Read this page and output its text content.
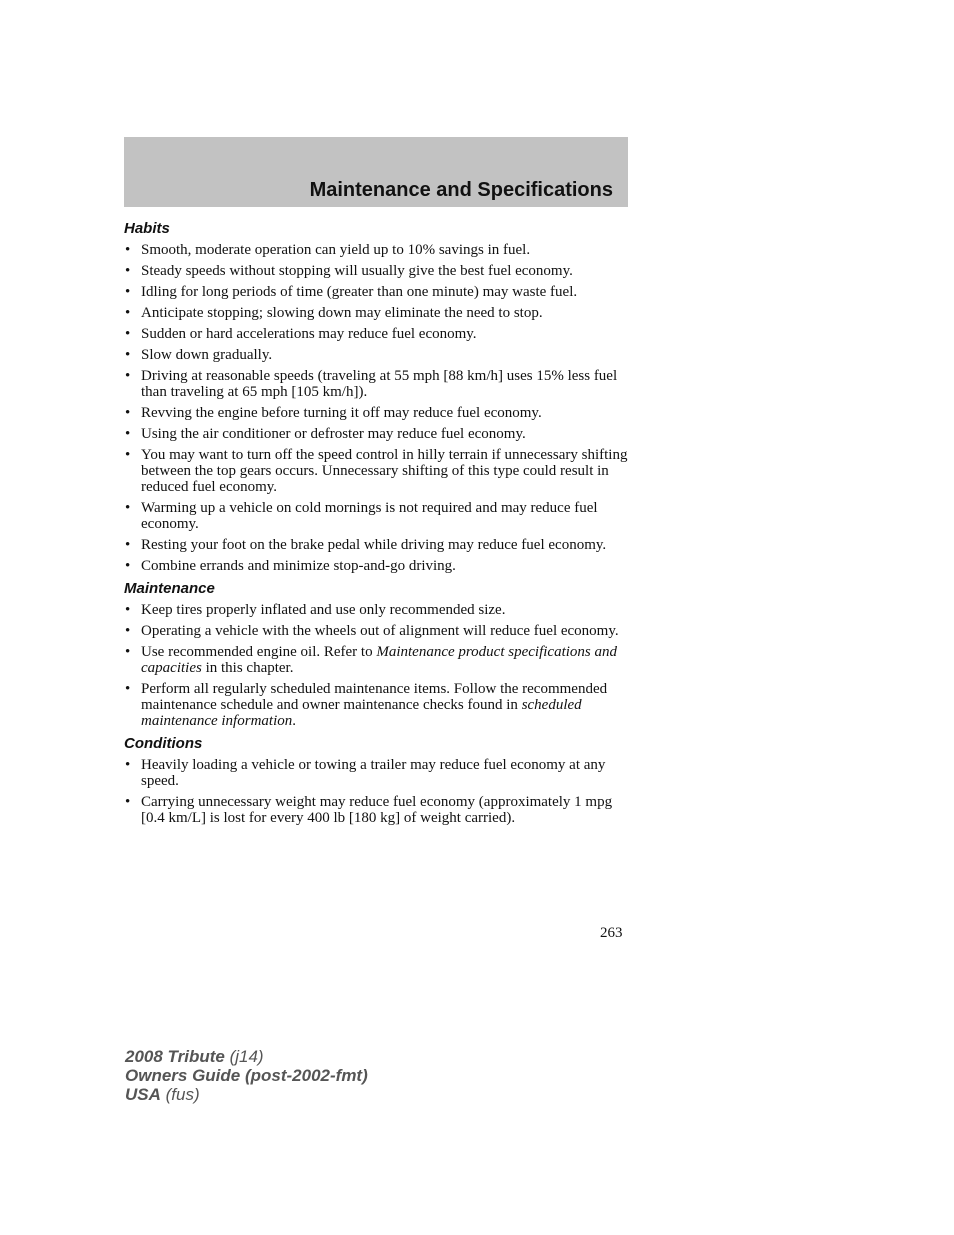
Maintenance and Specifications
Habits
• Smooth, moderate operation can yield up to 10% savings in fuel.
• Steady speeds without stopping will usually give the best fuel economy.
• Idling for long periods of time (greater than one minute) may waste fuel.
• Anticipate stopping; slowing down may eliminate the need to stop.
• Sudden or hard accelerations may reduce fuel economy.
• Slow down gradually.
• Driving at reasonable speeds (traveling at 55 mph [88 km/h] uses 15% less fuel than traveling at 65 mph [105 km/h]).
• Revving the engine before turning it off may reduce fuel economy.
• Using the air conditioner or defroster may reduce fuel economy.
• You may want to turn off the speed control in hilly terrain if unnecessary shifting between the top gears occurs. Unnecessary shifting of this type could result in reduced fuel economy.
• Warming up a vehicle on cold mornings is not required and may reduce fuel economy.
• Resting your foot on the brake pedal while driving may reduce fuel economy.
• Combine errands and minimize stop-and-go driving.
Maintenance
• Keep tires properly inflated and use only recommended size.
• Operating a vehicle with the wheels out of alignment will reduce fuel economy.
• Use recommended engine oil. Refer to Maintenance product specifications and capacities in this chapter.
• Perform all regularly scheduled maintenance items. Follow the recommended maintenance schedule and owner maintenance checks found in scheduled maintenance information.
Conditions
• Heavily loading a vehicle or towing a trailer may reduce fuel economy at any speed.
• Carrying unnecessary weight may reduce fuel economy (approximately 1 mpg [0.4 km/L] is lost for every 400 lb [180 kg] of weight carried).
263
2008 Tribute (j14)
Owners Guide (post-2002-fmt)
USA (fus)
